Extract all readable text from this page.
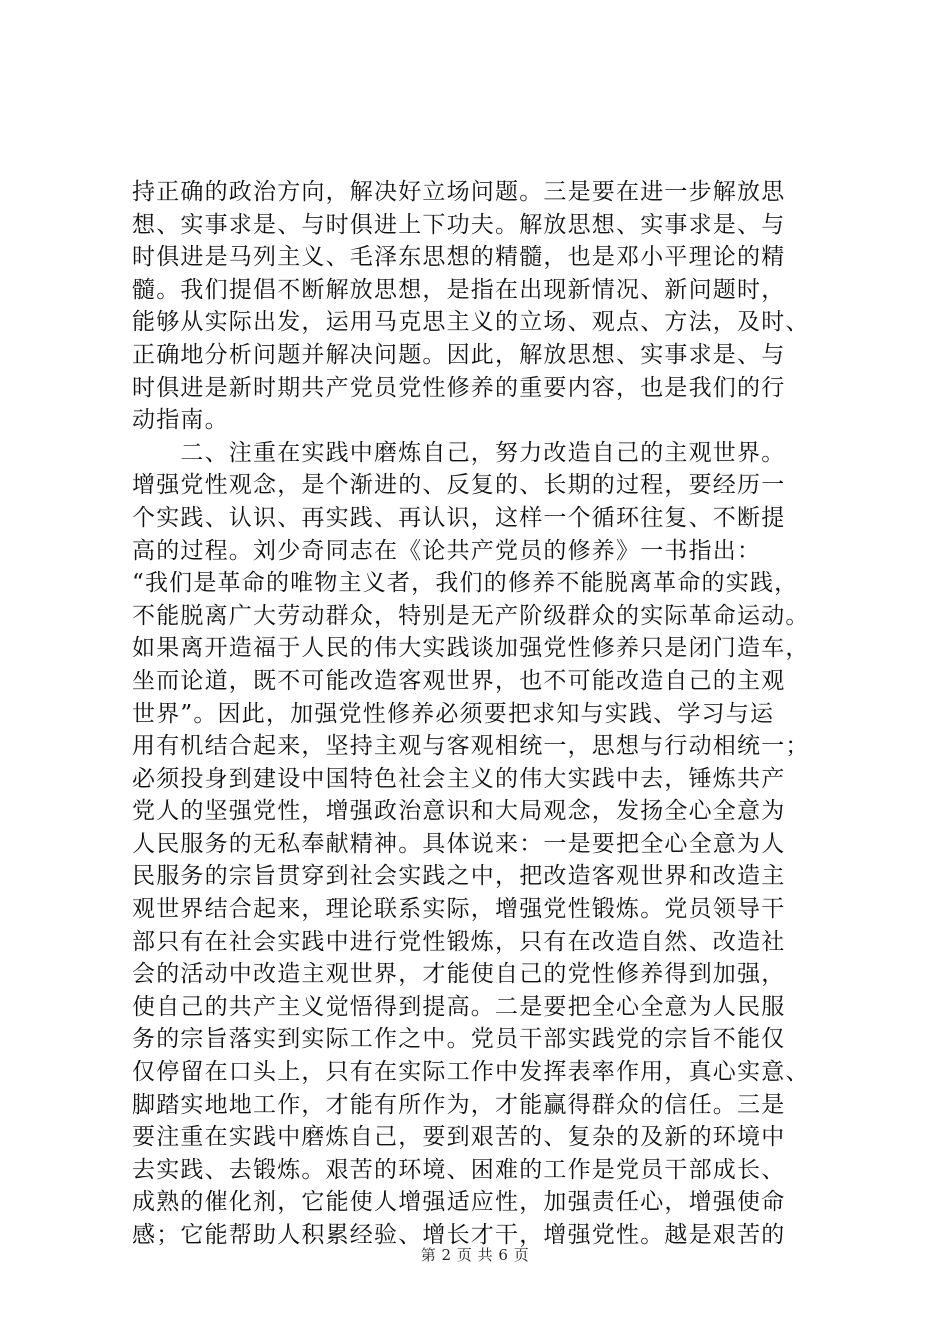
持正确的政治方向，解决好立场问题。三是要在进一步解放思
想、实事求是、与时俱进上下功夫。解放思想、实事求是、与
时俱进是马列主义、毛泽东思想的精髓，也是邓小平理论的精
髓。我们提倡不断解放思想，是指在出现新情况、新问题时，
能够从实际出发，运用马克思主义的立场、观点、方法，及时、
正确地分析问题并解决问题。因此，解放思想、实事求是、与
时俱进是新时期共产党员党性修养的重要内容，也是我们的行
动指南。
　　二、注重在实践中磨炼自己，努力改造自己的主观世界。
增强党性观念，是个渐进的、反复的、长期的过程，要经历一
个实践、认识、再实践、再认识，这样一个循环往复、不断提
高的过程。刘少奇同志在《论共产党员的修养》一书指出：
“我们是革命的唯物主义者，我们的修养不能脱离革命的实践，
不能脱离广大劳动群众，特别是无产阶级群众的实际革命运动。
如果离开造福于人民的伟大实践谈加强党性修养只是闭门造车，
坐而论道，既不可能改造客观世界，也不可能改造自己的主观
世界”。因此，加强党性修养必须要把求知与实践、学习与运
用有机结合起来，坚持主观与客观相统一，思想与行动相统一；
必须投身到建设中国特色社会主义的伟大实践中去，锤炼共产
党人的坚强党性，增强政治意识和大局观念，发扬全心全意为
人民服务的无私奉献精神。具体说来：一是要把全心全意为人
民服务的宗旨贯穿到社会实践之中，把改造客观世界和改造主
观世界结合起来，理论联系实际，增强党性锻炼。党员领导干
部只有在社会实践中进行党性锻炼，只有在改造自然、改造社
会的活动中改造主观世界，才能使自己的党性修养得到加强，
使自己的共产主义觉悟得到提高。二是要把全心全意为人民服
务的宗旨落实到实际工作之中。党员干部实践党的宗旨不能仅
仅停留在口头上，只有在实际工作中发挥表率作用，真心实意、
脚踏实地地工作，才能有所作为，才能赢得群众的信任。三是
要注重在实践中磨炼自己，要到艰苦的、复杂的及新的环境中
去实践、去锻炼。艰苦的环境、困难的工作是党员干部成长、
成熟的催化剂，它能使人增强适应性，加强责任心，增强使命
感；它能帮助人积累经验、增长才干，增强党性。越是艰苦的
第 2 页 共 6 页
